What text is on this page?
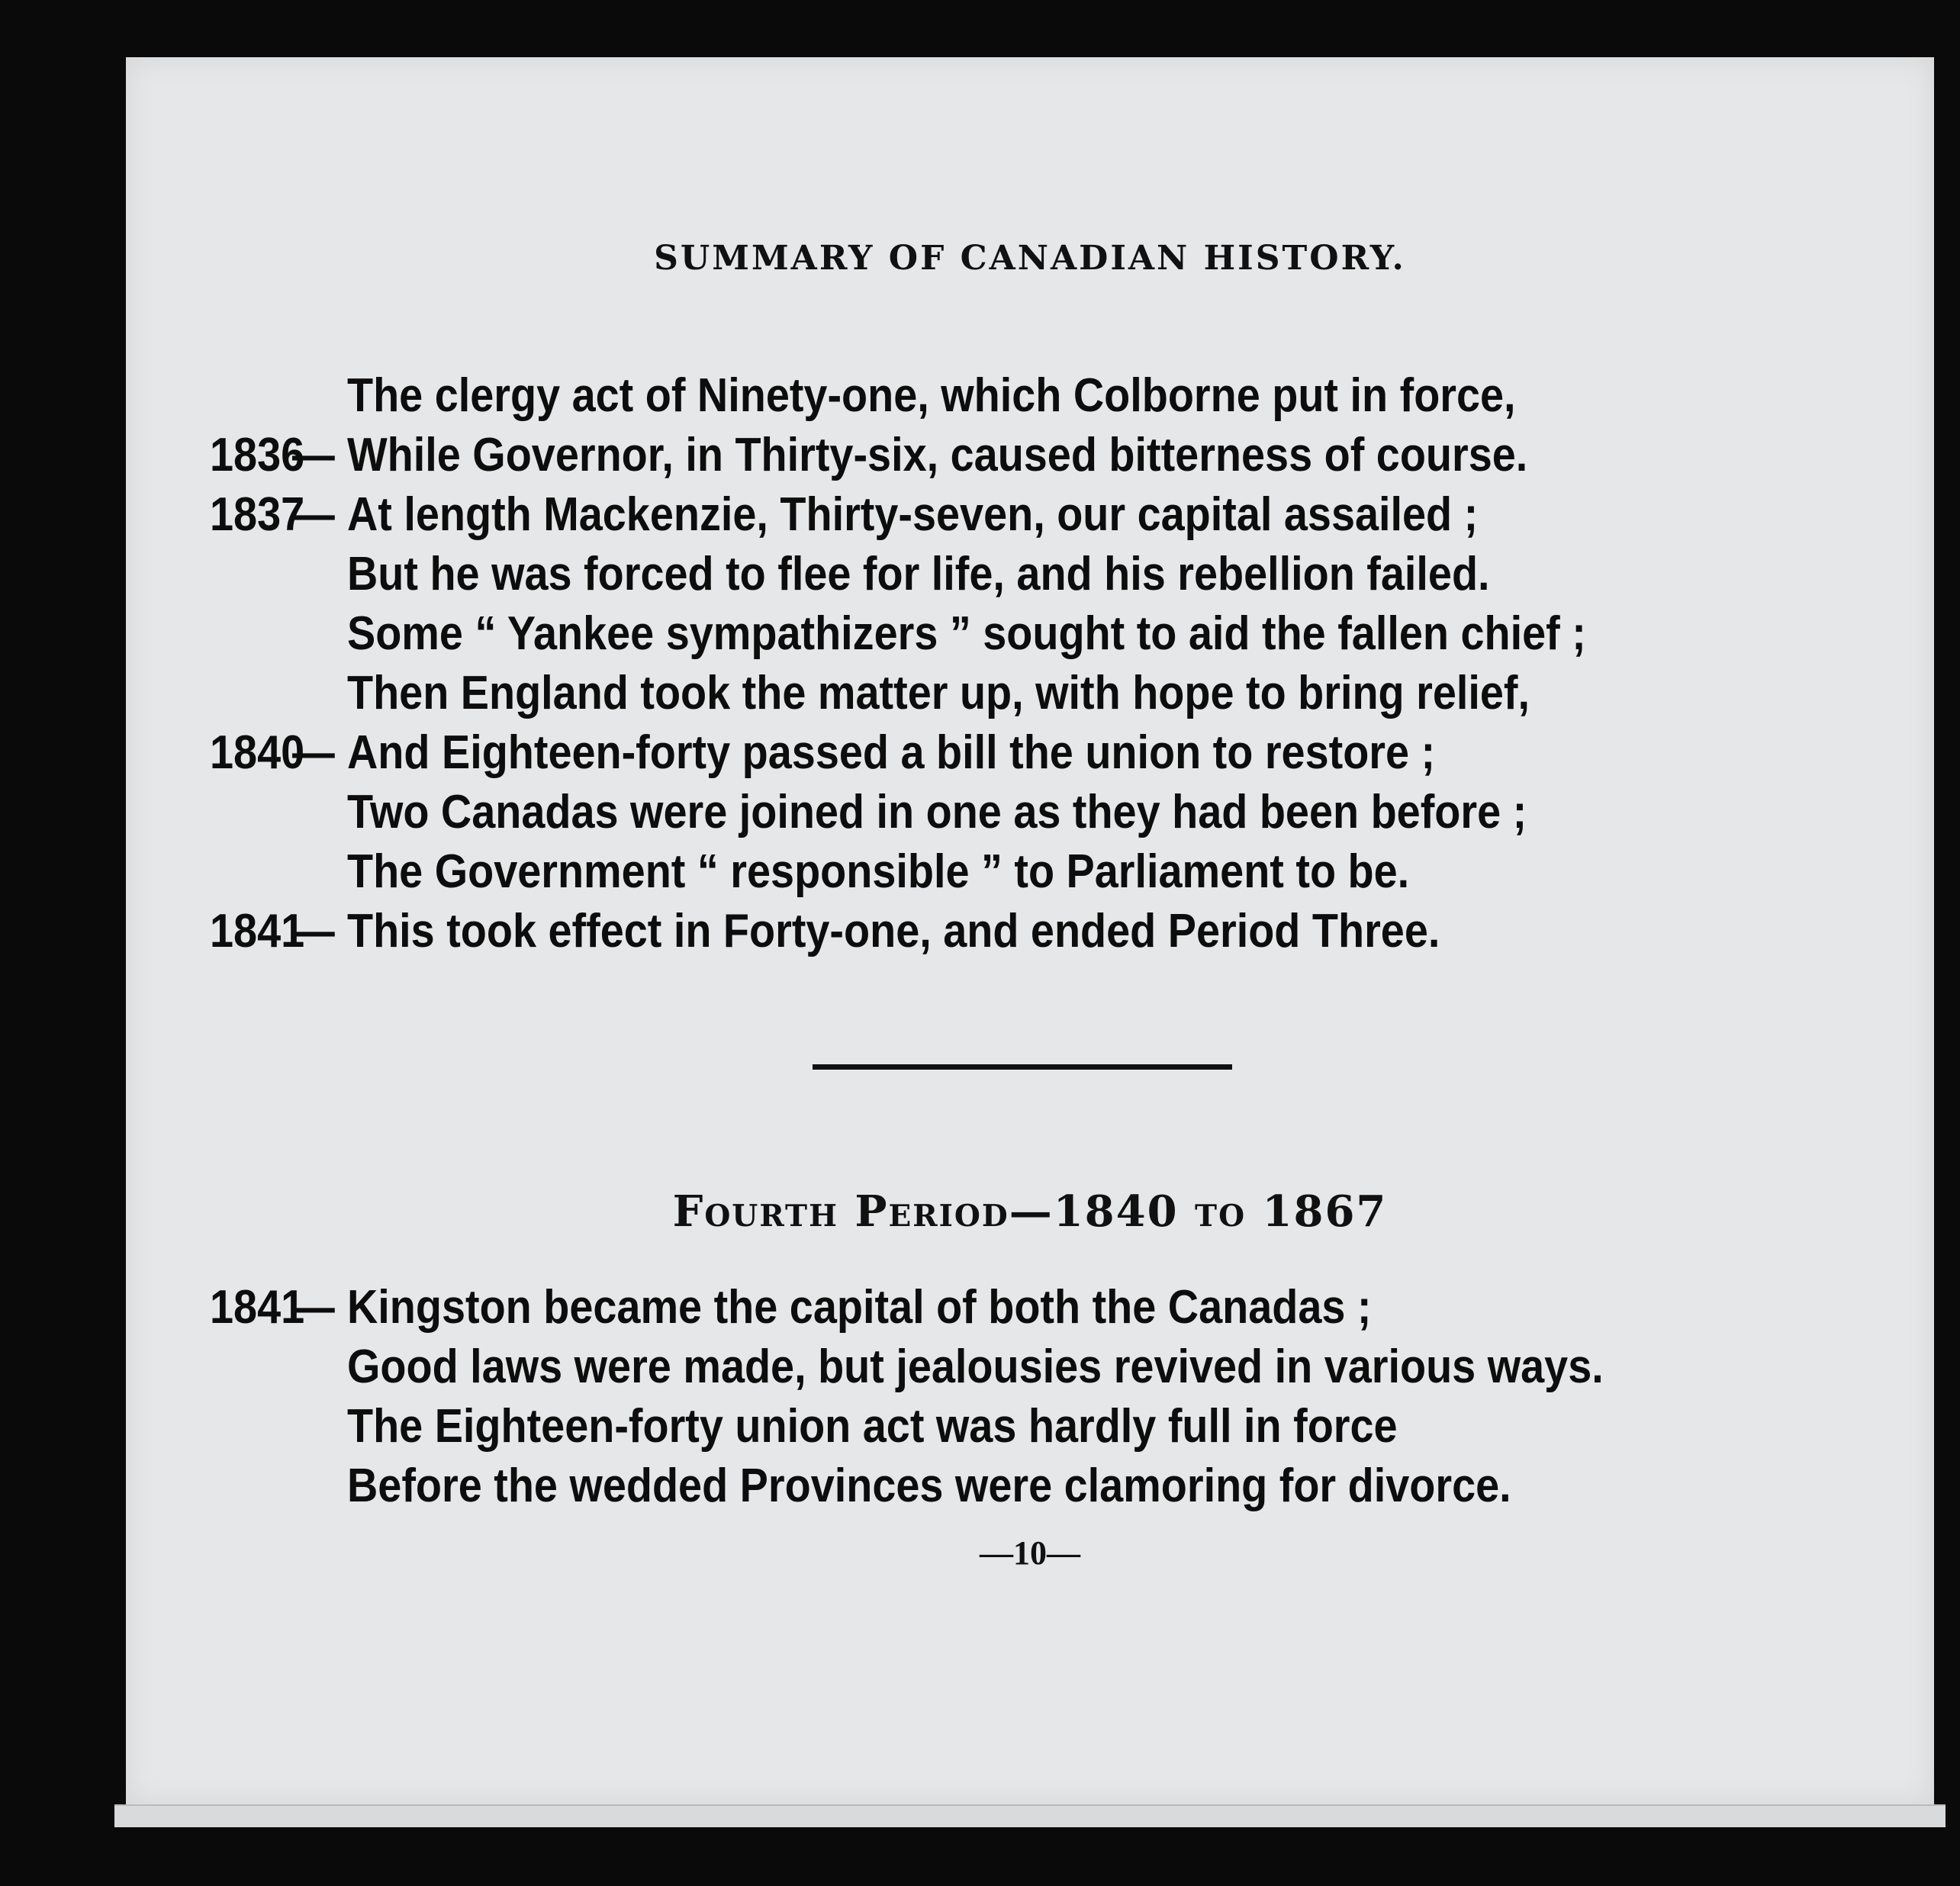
SUMMARY OF CANADIAN HISTORY.
The clergy act of Ninety-one, which Colborne put in force,
1836
— While Governor, in Thirty-six, caused bitterness of course.
1837
— At length Mackenzie, Thirty-seven, our capital assailed ;
But he was forced to flee for life, and his rebellion failed.
Some “ Yankee sympathizers ” sought to aid the fallen chief ;
Then England took the matter up, with hope to bring relief,
1840
— And Eighteen-forty passed a bill the union to restore ;
Two Canadas were joined in one as they had been before ;
The Government “ responsible ” to Parliament to be.
1841
— This took effect in Forty-one, and ended Period Three.
Fourth Period—1840 to 1867
1841
— Kingston became the capital of both the Canadas ;
Good laws were made, but jealousies revived in various ways.
The Eighteen-forty union act was hardly full in force
Before the wedded Provinces were clamoring for divorce.
—10—
